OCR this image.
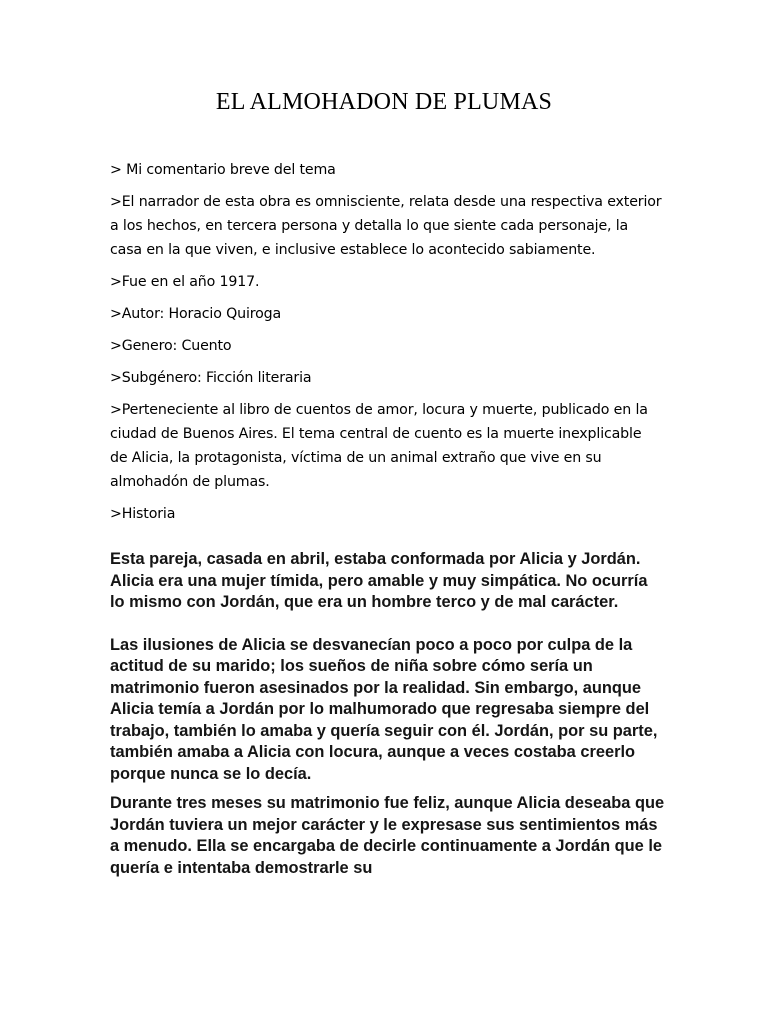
EL ALMOHADON DE PLUMAS

> Mi comentario breve del tema

>El narrador de esta obra es omnisciente, relata desde una respectiva exterior a los hechos, en tercera persona y detalla lo que siente cada personaje, la casa en la que viven, e inclusive establece lo acontecido sabiamente.

>Fue en el año 1917.

>Autor: Horacio Quiroga

>Genero: Cuento

>Subgénero: Ficción literaria

>Perteneciente al libro de cuentos de amor, locura y muerte, publicado en la ciudad de Buenos Aires. El tema central de cuento es la muerte inexplicable de Alicia, la protagonista, víctima de un animal extraño que vive en su almohadón de plumas.

>Historia

Esta pareja, casada en abril, estaba conformada por Alicia y Jordán. Alicia era una mujer tímida, pero amable y muy simpática. No ocurría lo mismo con Jordán, que era un hombre terco y de mal carácter.

Las ilusiones de Alicia se desvanecían poco a poco por culpa de la actitud de su marido; los sueños de niña sobre cómo sería un matrimonio fueron asesinados por la realidad. Sin embargo, aunque Alicia temía a Jordán por lo malhumorado que regresaba siempre del trabajo, también lo amaba y quería seguir con él. Jordán, por su parte, también amaba a Alicia con locura, aunque a veces costaba creerlo porque nunca se lo decía.

Durante tres meses su matrimonio fue feliz, aunque Alicia deseaba que Jordán tuviera un mejor carácter y le expresase sus sentimientos más a menudo. Ella se encargaba de decirle continuamente a Jordán que le quería e intentaba demostrarle su
